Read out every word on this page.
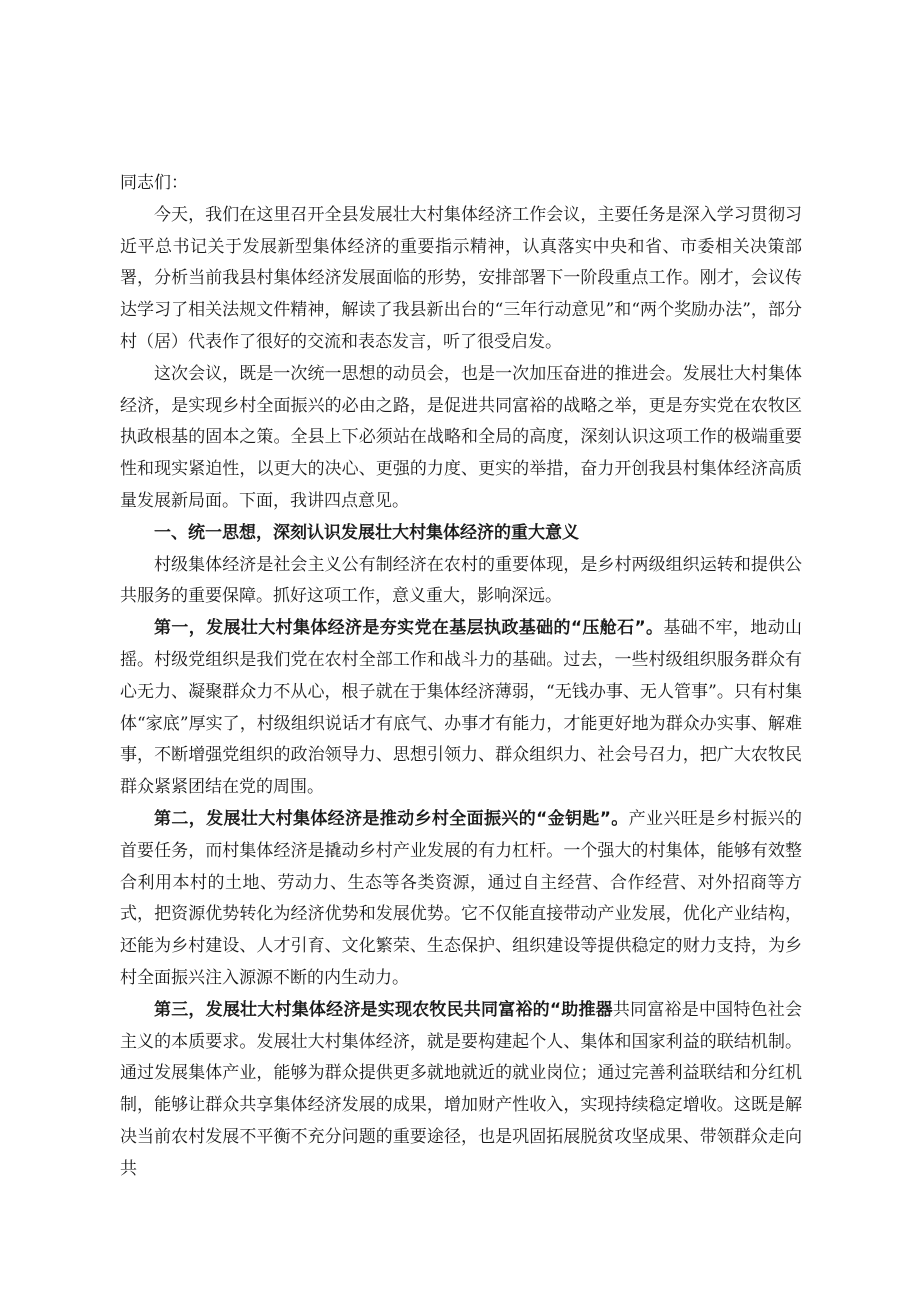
同志们：

今天，我们在这里召开全县发展壮大村集体经济工作会议，主要任务是深入学习贯彻习近平总书记关于发展新型集体经济的重要指示精神，认真落实中央和省、市委相关决策部署，分析当前我县村集体经济发展面临的形势，安排部署下一阶段重点工作。刚才，会议传达学习了相关法规文件精神，解读了我县新出台的“三年行动意见”和“两个奖励办法”，部分村（居）代表作了很好的交流和表态发言，听了很受启发。

这次会议，既是一次统一思想的动员会，也是一次加压奋进的推进会。发展壮大村集体经济，是实现乡村全面振兴的必由之路，是促进共同富裕的战略之举，更是夯实党在农牧区执政根基的固本之策。全县上下必须站在战略和全局的高度，深刻认识这项工作的极端重要性和现实紧迫性，以更大的决心、更强的力度、更实的举措，奋力开创我县村集体经济高质量发展新局面。下面，我讲四点意见。

一、统一思想，深刻认识发展壮大村集体经济的重大意义

村级集体经济是社会主义公有制经济在农村的重要体现，是乡村两级组织运转和提供公共服务的重要保障。抓好这项工作，意义重大，影响深远。

第一，发展壮大村集体经济是夯实党在基层执政基础的“压舱石”。基础不牢，地动山摇。村级党组织是我们党在农村全部工作和战斗力的基础。过去，一些村级组织服务群众有心无力、凝聚群众力不从心，根子就在于集体经济薄弱，“无钱办事、无人管事”。只有村集体“家底”厚实了，村级组织说话才有底气、办事才有能力，才能更好地为群众办实事、解难事，不断增强党组织的政治领导力、思想引领力、群众组织力、社会号召力，把广大农牧民群众紧紧团结在党的周围。

第二，发展壮大村集体经济是推动乡村全面振兴的“金钥匙”。产业兴旺是乡村振兴的首要任务，而村集体经济是撬动乡村产业发展的有力杠杆。一个强大的村集体，能够有效整合利用本村的土地、劳动力、生态等各类资源，通过自主经营、合作经营、对外招商等方式，把资源优势转化为经济优势和发展优势。它不仅能直接带动产业发展，优化产业结构，还能为乡村建设、人才引育、文化繁荣、生态保护、组织建设等提供稳定的财力支持，为乡村全面振兴注入源源不断的内生动力。

第三，发展壮大村集体经济是实现农牧民共同富裕的“助推器共同富裕是中国特色社会主义的本质要求。发展壮大村集体经济，就是要构建起个人、集体和国家利益的联结机制。通过发展集体产业，能够为群众提供更多就地就近的就业岗位；通过完善利益联结和分红机制，能够让群众共享集体经济发展的成果，增加财产性收入，实现持续稳定增收。这既是解决当前农村发展不平衡不充分问题的重要途径，也是巩固拓展脱贫攻坚成果、带领群众走向共
